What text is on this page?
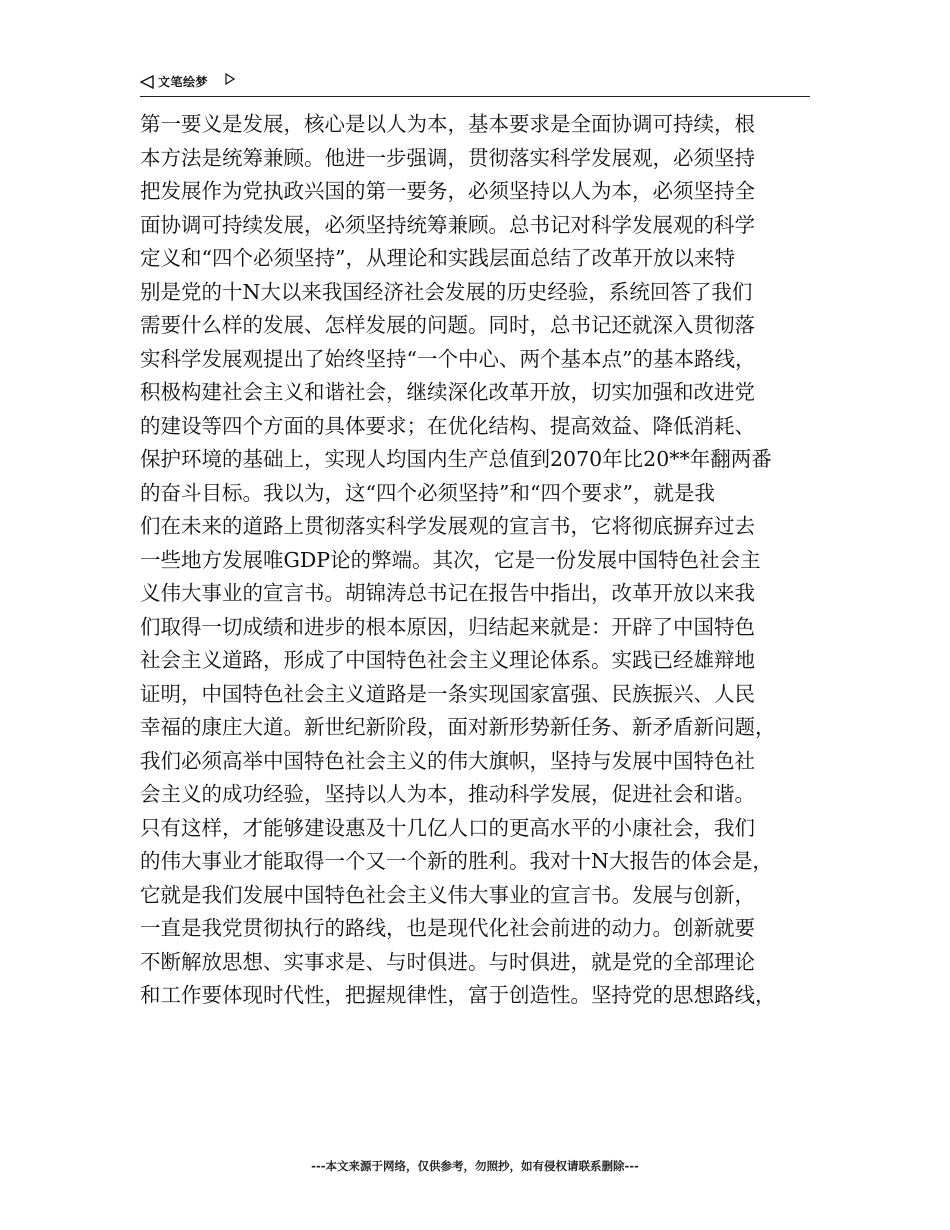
文笔绘梦
第一要义是发展，核心是以人为本，基本要求是全面协调可持续，根
本方法是统筹兼顾。他进一步强调，贯彻落实科学发展观，必须坚持
把发展作为党执政兴国的第一要务，必须坚持以人为本，必须坚持全
面协调可持续发展，必须坚持统筹兼顾。总书记对科学发展观的科学
定义和“四个必须坚持”，从理论和实践层面总结了改革开放以来特
别是党的十N大以来我国经济社会发展的历史经验，系统回答了我们
需要什么样的发展、怎样发展的问题。同时，总书记还就深入贯彻落
实科学发展观提出了始终坚持“一个中心、两个基本点”的基本路线，
积极构建社会主义和谐社会，继续深化改革开放，切实加强和改进党
的建设等四个方面的具体要求；在优化结构、提高效益、降低消耗、
保护环境的基础上，实现人均国内生产总值到2070年比20**年翻两番
的奋斗目标。我以为，这“四个必须坚持”和“四个要求”，就是我
们在未来的道路上贯彻落实科学发展观的宣言书，它将彻底摒弃过去
一些地方发展唯GDP论的弊端。其次，它是一份发展中国特色社会主
义伟大事业的宣言书。胡锦涛总书记在报告中指出，改革开放以来我
们取得一切成绩和进步的根本原因，归结起来就是：开辟了中国特色
社会主义道路，形成了中国特色社会主义理论体系。实践已经雄辩地
证明，中国特色社会主义道路是一条实现国家富强、民族振兴、人民
幸福的康庄大道。新世纪新阶段，面对新形势新任务、新矛盾新问题，
我们必须高举中国特色社会主义的伟大旗帜，坚持与发展中国特色社
会主义的成功经验，坚持以人为本，推动科学发展，促进社会和谐。
只有这样，才能够建设惠及十几亿人口的更高水平的小康社会，我们
的伟大事业才能取得一个又一个新的胜利。我对十N大报告的体会是，
它就是我们发展中国特色社会主义伟大事业的宣言书。发展与创新，
一直是我党贯彻执行的路线，也是现代化社会前进的动力。创新就要
不断解放思想、实事求是、与时俱进。与时俱进，就是党的全部理论
和工作要体现时代性，把握规律性，富于创造性。坚持党的思想路线，
---本文来源于网络，仅供参考，勿照抄，如有侵权请联系删除---
